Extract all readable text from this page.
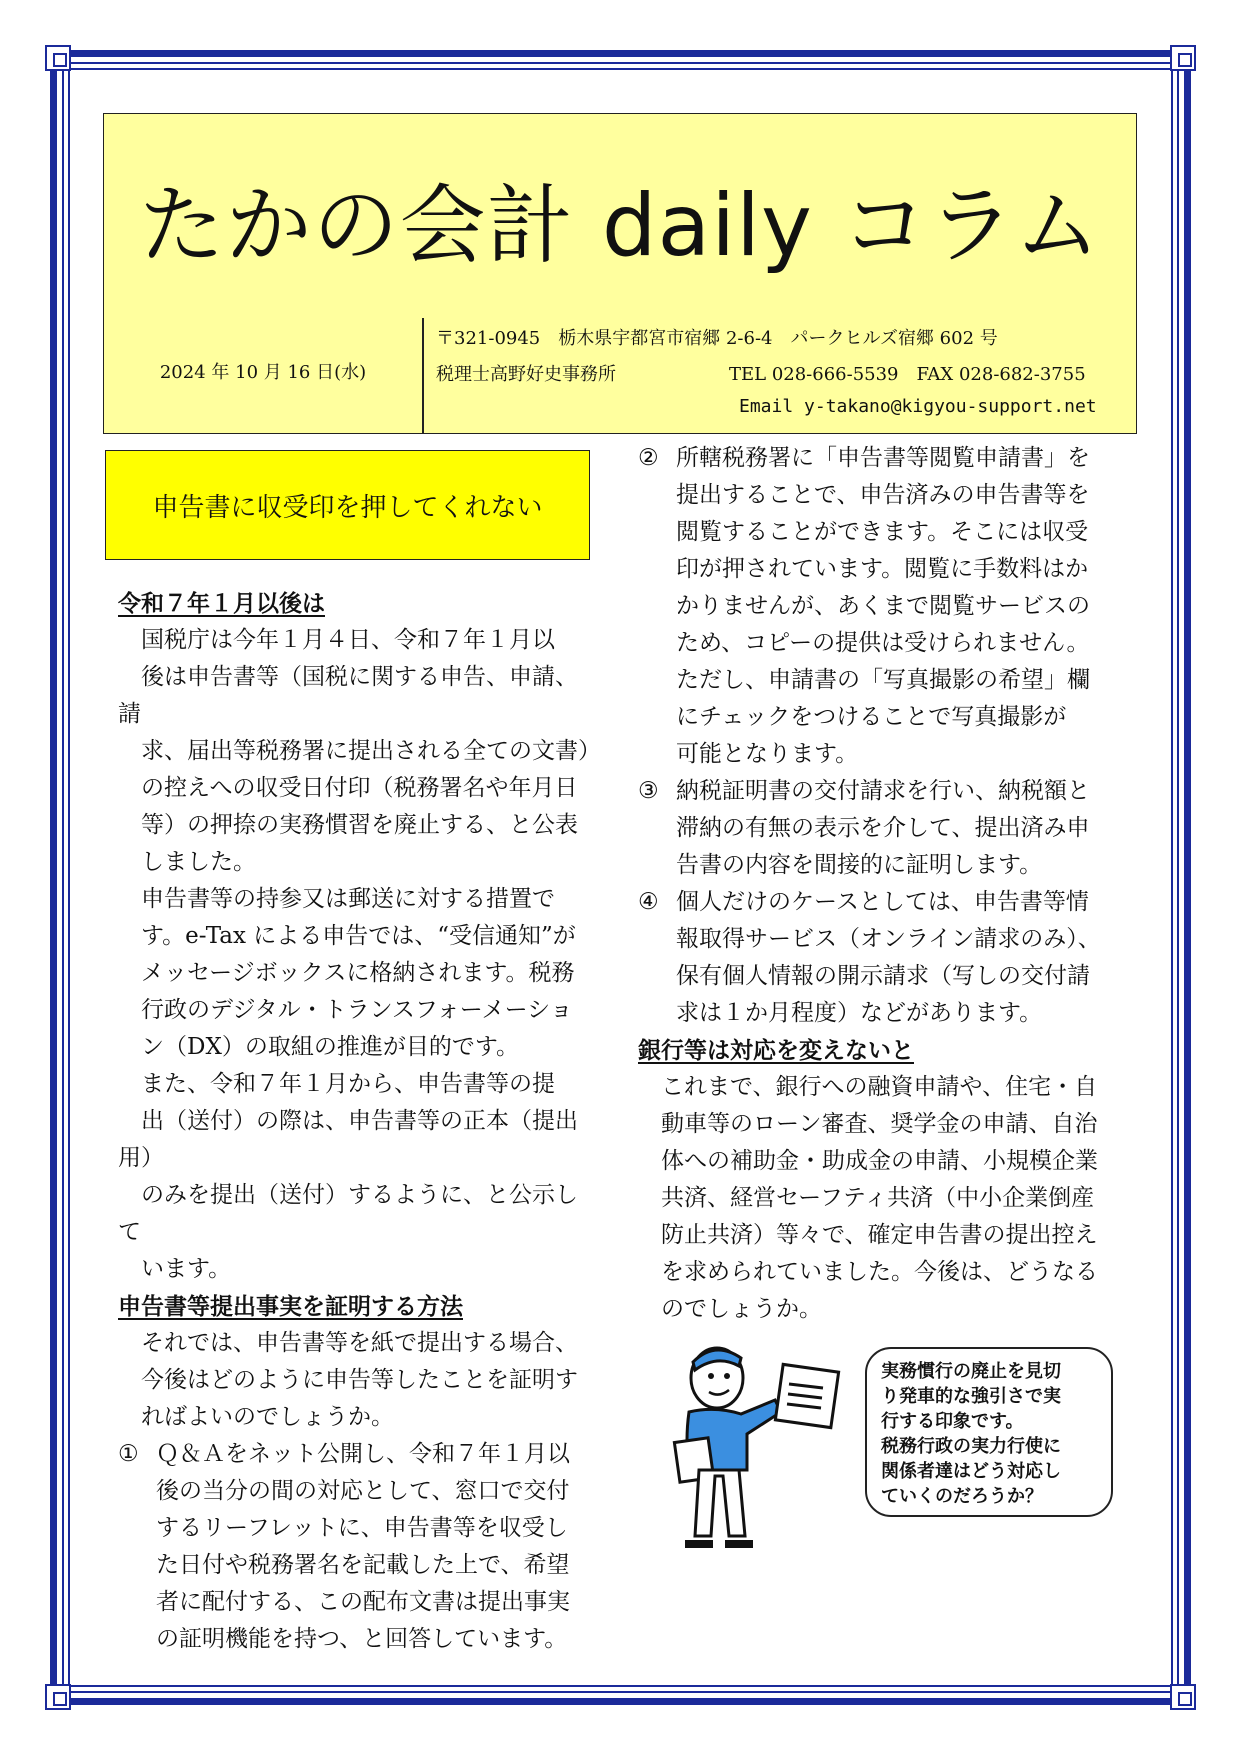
たかの会計 daily コラム
2024 年 10 月 16 日(水)
〒321-0945　栃木県宇都宮市宿郷 2-6-4　パークヒルズ宿郷 602 号
税理士高野好史事務所	TEL 028-666-5539　FAX 028-682-3755
Email y-takano@kigyou-support.net
申告書に収受印を押してくれない
令和７年１月以後は

国税庁は今年１月４日、令和７年１月以
後は申告書等（国税に関する申告、申請、請
求、届出等税務署に提出される全ての文書）
の控えへの収受日付印（税務署名や年月日
等）の押捺の実務慣習を廃止する、と公表
しました。

申告書等の持参又は郵送に対する措置で
す。e-Tax による申告では、“受信通知”が
メッセージボックスに格納されます。税務
行政のデジタル・トランスフォーメーショ
ン（DX）の取組の推進が目的です。

また、令和７年１月から、申告書等の提
出（送付）の際は、申告書等の正本（提出用）
のみを提出（送付）するように、と公示して
います。

申告書等提出事実を証明する方法

それでは、申告書等を紙で提出する場合、
今後はどのように申告等したことを証明す
ればよいのでしょうか。

① Ｑ＆Ａをネット公開し、令和７年１月以
後の当分の間の対応として、窓口で交付
するリーフレットに、申告書等を収受し
た日付や税務署名を記載した上で、希望
者に配付する、この配布文書は提出事実
の証明機能を持つ、と回答しています。
② 所轄税務署に「申告書等閲覧申請書」を
提出することで、申告済みの申告書等を
閲覧することができます。そこには収受
印が押されています。閲覧に手数料はか
かりませんが、あくまで閲覧サービスの
ため、コピーの提供は受けられません。
ただし、申請書の「写真撮影の希望」欄
にチェックをつけることで写真撮影が
可能となります。
③ 納税証明書の交付請求を行い、納税額と
滞納の有無の表示を介して、提出済み申
告書の内容を間接的に証明します。
④ 個人だけのケースとしては、申告書等情
報取得サービス（オンライン請求のみ）、
保有個人情報の開示請求（写しの交付請
求は１か月程度）などがあります。
銀行等は対応を変えないと

これまで、銀行への融資申請や、住宅・自
動車等のローン審査、奨学金の申請、自治
体への補助金・助成金の申請、小規模企業
共済、経営セーフティ共済（中小企業倒産
防止共済）等々で、確定申告書の提出控え
を求められていました。今後は、どうなる
のでしょうか。

実務慣行の廃止を見切
り発車的な強引さで実
行する印象です。
税務行政の実力行使に
関係者達はどう対応し
ていくのだろうか？
